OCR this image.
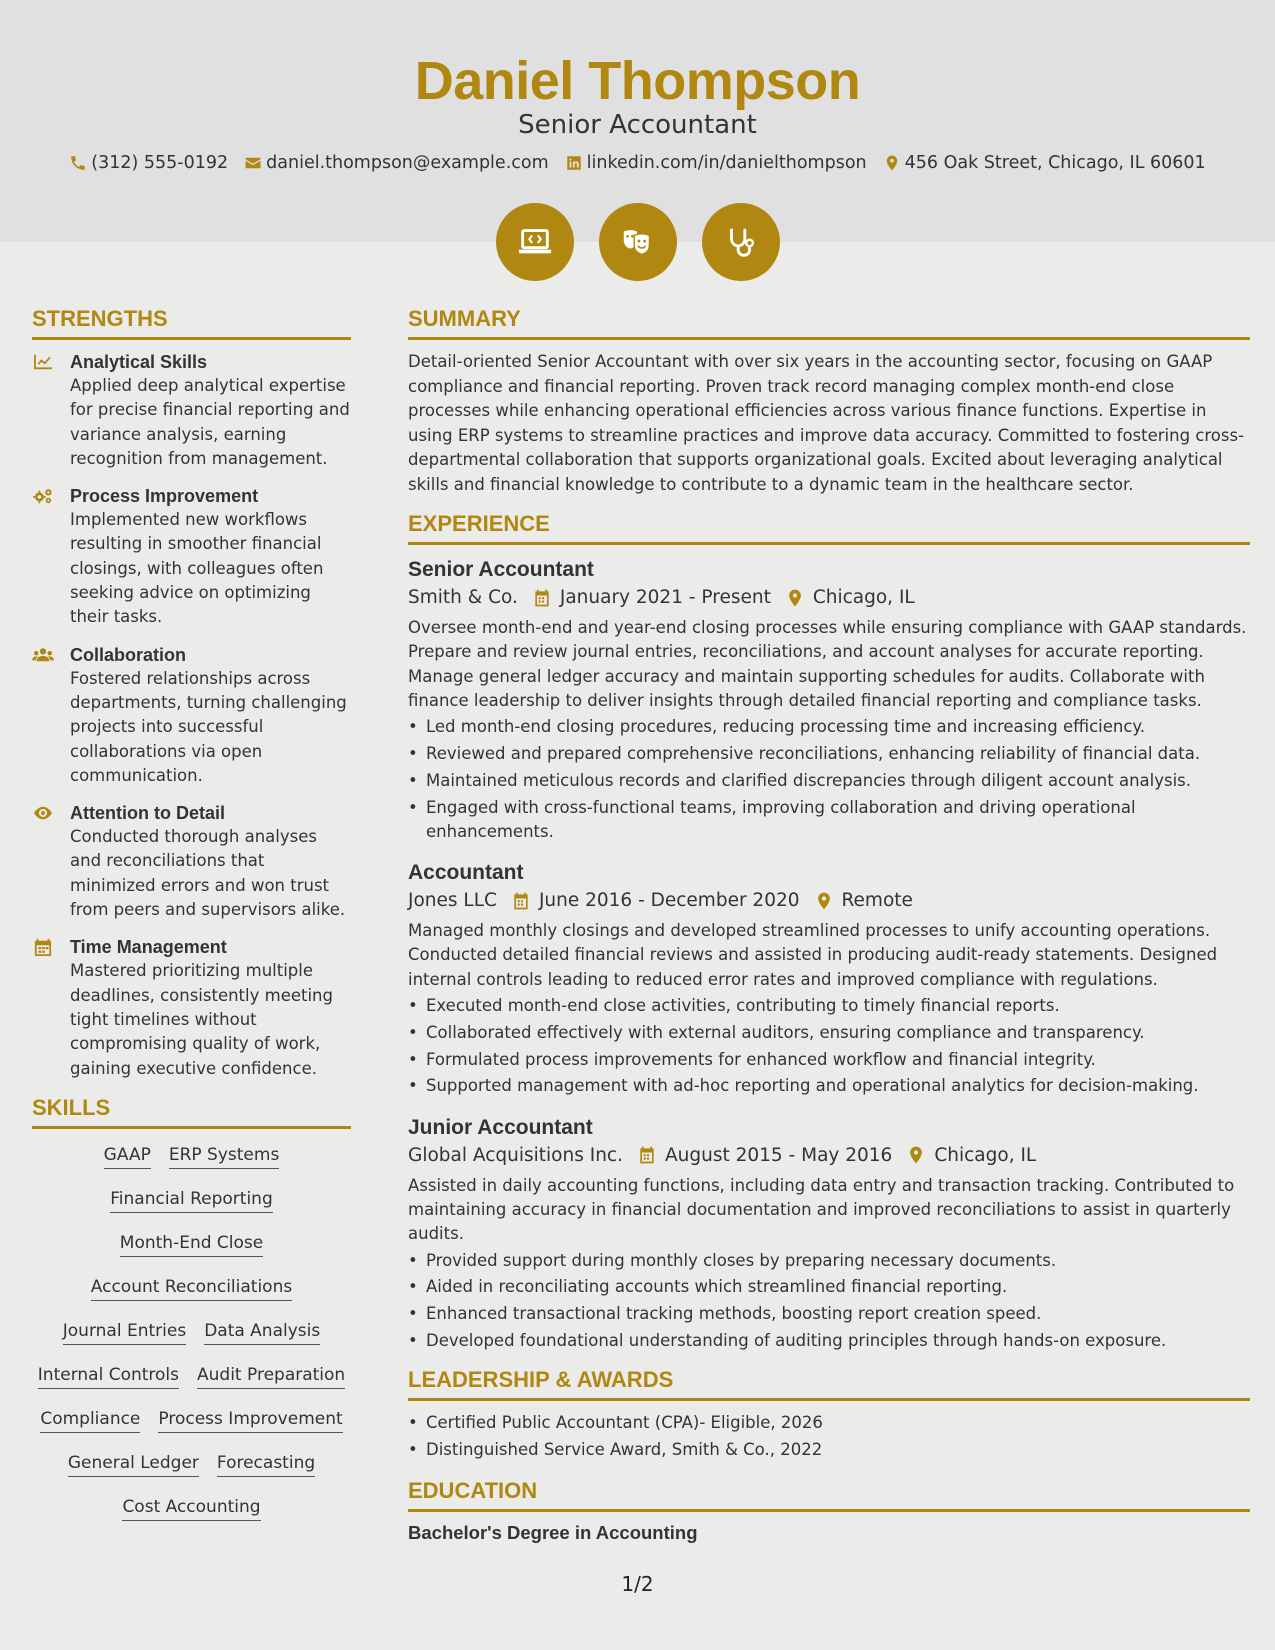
Daniel Thompson
Senior Accountant
(312) 555-0192 daniel.thompson@example.com linkedin.com/in/danielthompson 456 Oak Street, Chicago, IL 60601
STRENGTHS
Analytical Skills
Applied deep analytical expertise for precise financial reporting and variance analysis, earning recognition from management.
Process Improvement
Implemented new workflows resulting in smoother financial closings, with colleagues often seeking advice on optimizing their tasks.
Collaboration
Fostered relationships across departments, turning challenging projects into successful collaborations via open communication.
Attention to Detail
Conducted thorough analyses and reconciliations that minimized errors and won trust from peers and supervisors alike.
Time Management
Mastered prioritizing multiple deadlines, consistently meeting tight timelines without compromising quality of work, gaining executive confidence.
SKILLS
GAAP ERP Systems
Financial Reporting
Month-End Close
Account Reconciliations
Journal Entries Data Analysis
Internal Controls Audit Preparation
Compliance Process Improvement
General Ledger Forecasting
Cost Accounting
SUMMARY
Detail-oriented Senior Accountant with over six years in the accounting sector, focusing on GAAP compliance and financial reporting. Proven track record managing complex month-end close processes while enhancing operational efficiencies across various finance functions. Expertise in using ERP systems to streamline practices and improve data accuracy. Committed to fostering cross-departmental collaboration that supports organizational goals. Excited about leveraging analytical skills and financial knowledge to contribute to a dynamic team in the healthcare sector.
EXPERIENCE
Senior Accountant
Smith & Co. January 2021 - Present Chicago, IL
Oversee month-end and year-end closing processes while ensuring compliance with GAAP standards. Prepare and review journal entries, reconciliations, and account analyses for accurate reporting. Manage general ledger accuracy and maintain supporting schedules for audits. Collaborate with finance leadership to deliver insights through detailed financial reporting and compliance tasks.
• Led month-end closing procedures, reducing processing time and increasing efficiency.
• Reviewed and prepared comprehensive reconciliations, enhancing reliability of financial data.
• Maintained meticulous records and clarified discrepancies through diligent account analysis.
• Engaged with cross-functional teams, improving collaboration and driving operational enhancements.
Accountant
Jones LLC June 2016 - December 2020 Remote
Managed monthly closings and developed streamlined processes to unify accounting operations. Conducted detailed financial reviews and assisted in producing audit-ready statements. Designed internal controls leading to reduced error rates and improved compliance with regulations.
• Executed month-end close activities, contributing to timely financial reports.
• Collaborated effectively with external auditors, ensuring compliance and transparency.
• Formulated process improvements for enhanced workflow and financial integrity.
• Supported management with ad-hoc reporting and operational analytics for decision-making.
Junior Accountant
Global Acquisitions Inc. August 2015 - May 2016 Chicago, IL
Assisted in daily accounting functions, including data entry and transaction tracking. Contributed to maintaining accuracy in financial documentation and improved reconciliations to assist in quarterly audits.
• Provided support during monthly closes by preparing necessary documents.
• Aided in reconciliating accounts which streamlined financial reporting.
• Enhanced transactional tracking methods, boosting report creation speed.
• Developed foundational understanding of auditing principles through hands-on exposure.
LEADERSHIP & AWARDS
• Certified Public Accountant (CPA)- Eligible, 2026
• Distinguished Service Award, Smith & Co., 2022
EDUCATION
Bachelor's Degree in Accounting
1/2
